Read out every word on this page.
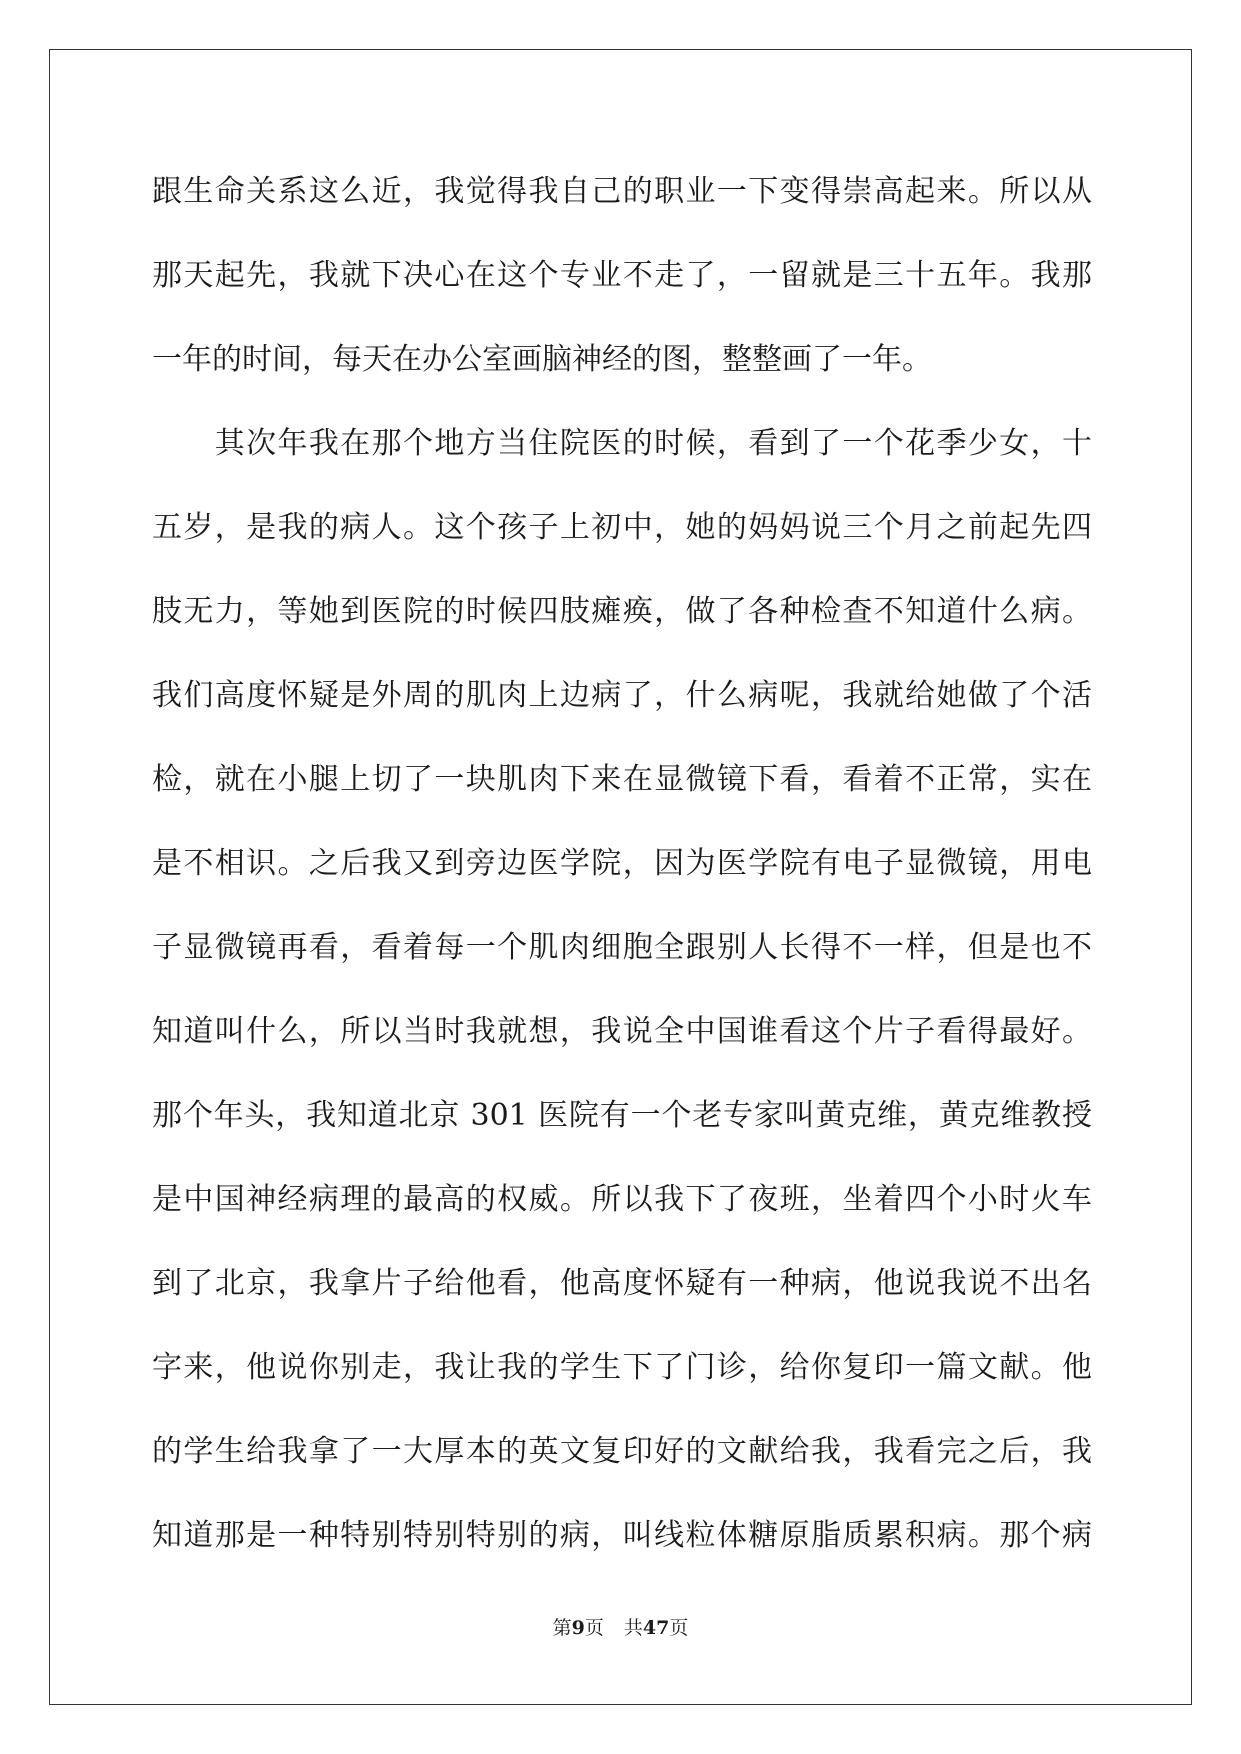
跟生命关系这么近，我觉得我自己的职业一下变得崇高起来。所以从
那天起先，我就下决心在这个专业不走了，一留就是三十五年。我那
一年的时间，每天在办公室画脑神经的图，整整画了一年。
　　其次年我在那个地方当住院医的时候，看到了一个花季少女，十
五岁，是我的病人。这个孩子上初中，她的妈妈说三个月之前起先四
肢无力，等她到医院的时候四肢瘫痪，做了各种检查不知道什么病。
我们高度怀疑是外周的肌肉上边病了，什么病呢，我就给她做了个活
检，就在小腿上切了一块肌肉下来在显微镜下看，看着不正常，实在
是不相识。之后我又到旁边医学院，因为医学院有电子显微镜，用电
子显微镜再看，看着每一个肌肉细胞全跟别人长得不一样，但是也不
知道叫什么，所以当时我就想，我说全中国谁看这个片子看得最好。
那个年头，我知道北京 301 医院有一个老专家叫黄克维，黄克维教授
是中国神经病理的最高的权威。所以我下了夜班，坐着四个小时火车
到了北京，我拿片子给他看，他高度怀疑有一种病，他说我说不出名
字来，他说你别走，我让我的学生下了门诊，给你复印一篇文献。他
的学生给我拿了一大厚本的英文复印好的文献给我，我看完之后，我
知道那是一种特别特别特别的病，叫线粒体糖原脂质累积病。那个病
第9页 共47页
